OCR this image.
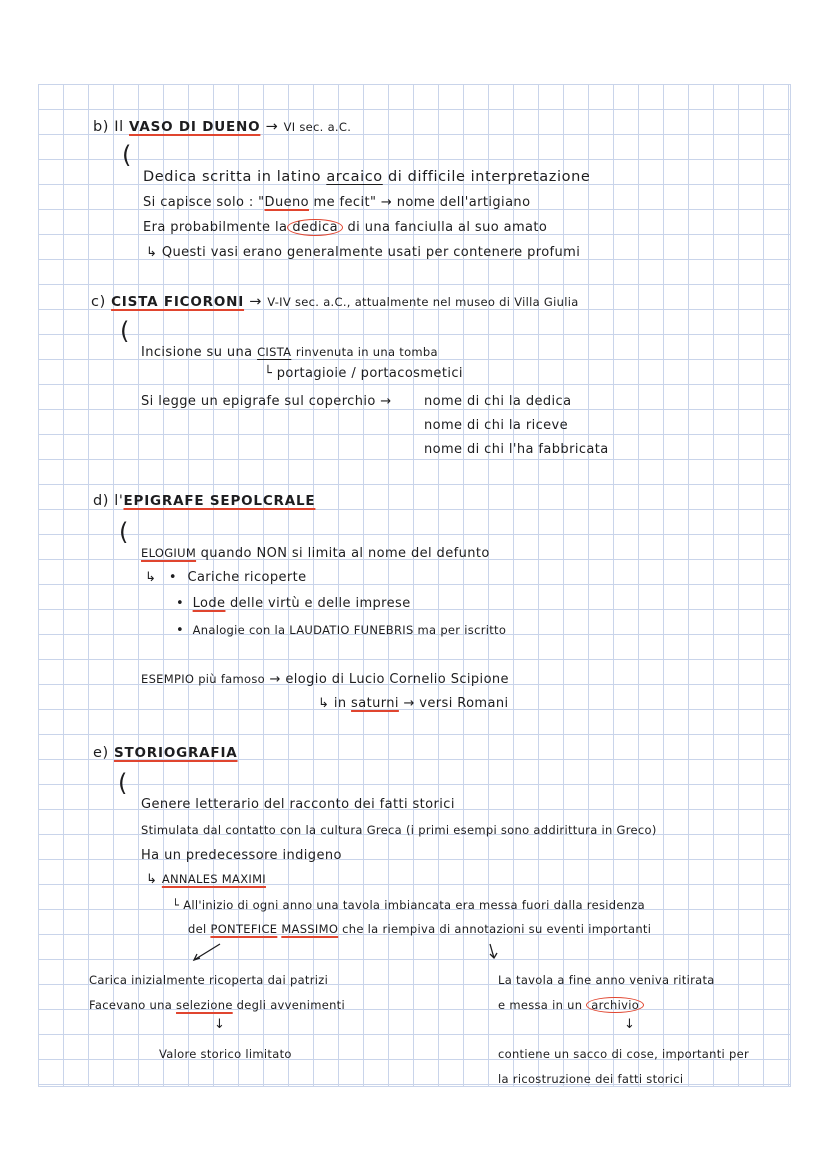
b) Il VASO DI DUENO → VI sec. a.C.
(
Dedica scritta in latino arcaico di difficile interpretazione
Si capisce solo : "Dueno me fecit" → nome dell'artigiano
Era probabilmente la dedica di una fanciulla al suo amato
↳ Questi vasi erano generalmente usati per contenere profumi
c) CISTA FICORONI → V-IV sec. a.C., attualmente nel museo di Villa Giulia
(
Incisione su una CISTA rinvenuta in una tomba
└ portagioie / portacosmetici
Si legge un epigrafe sul coperchio → nome di chi la dedica
nome di chi la riceve
nome di chi l'ha fabbricata
d) l'EPIGRAFE SEPOLCRALE
(
ELOGIUM quando NON si limita al nome del defunto
↳ • Cariche ricoperte
• Lode delle virtù e delle imprese
• Analogie con la LAUDATIO FUNEBRIS ma per iscritto
ESEMPIO più famoso → elogio di Lucio Cornelio Scipione
↳ in saturni → versi Romani
e) STORIOGRAFIA
(
Genere letterario del racconto dei fatti storici
Stimulata dal contatto con la cultura Greca (i primi esempi sono addirittura in Greco)
Ha un predecessore indigeno
↳ ANNALES MAXIMI
└ All'inizio di ogni anno una tavola imbiancata era messa fuori dalla residenza
del PONTEFICE MASSIMO che la riempiva di annotazioni su eventi importanti
Carica inizialmente ricoperta dai patrizi
Facevano una selezione degli avvenimenti
↓
Valore storico limitato
La tavola a fine anno veniva ritirata
e messa in un archivio
↓
contiene un sacco di cose, importanti per
la ricostruzione dei fatti storici
